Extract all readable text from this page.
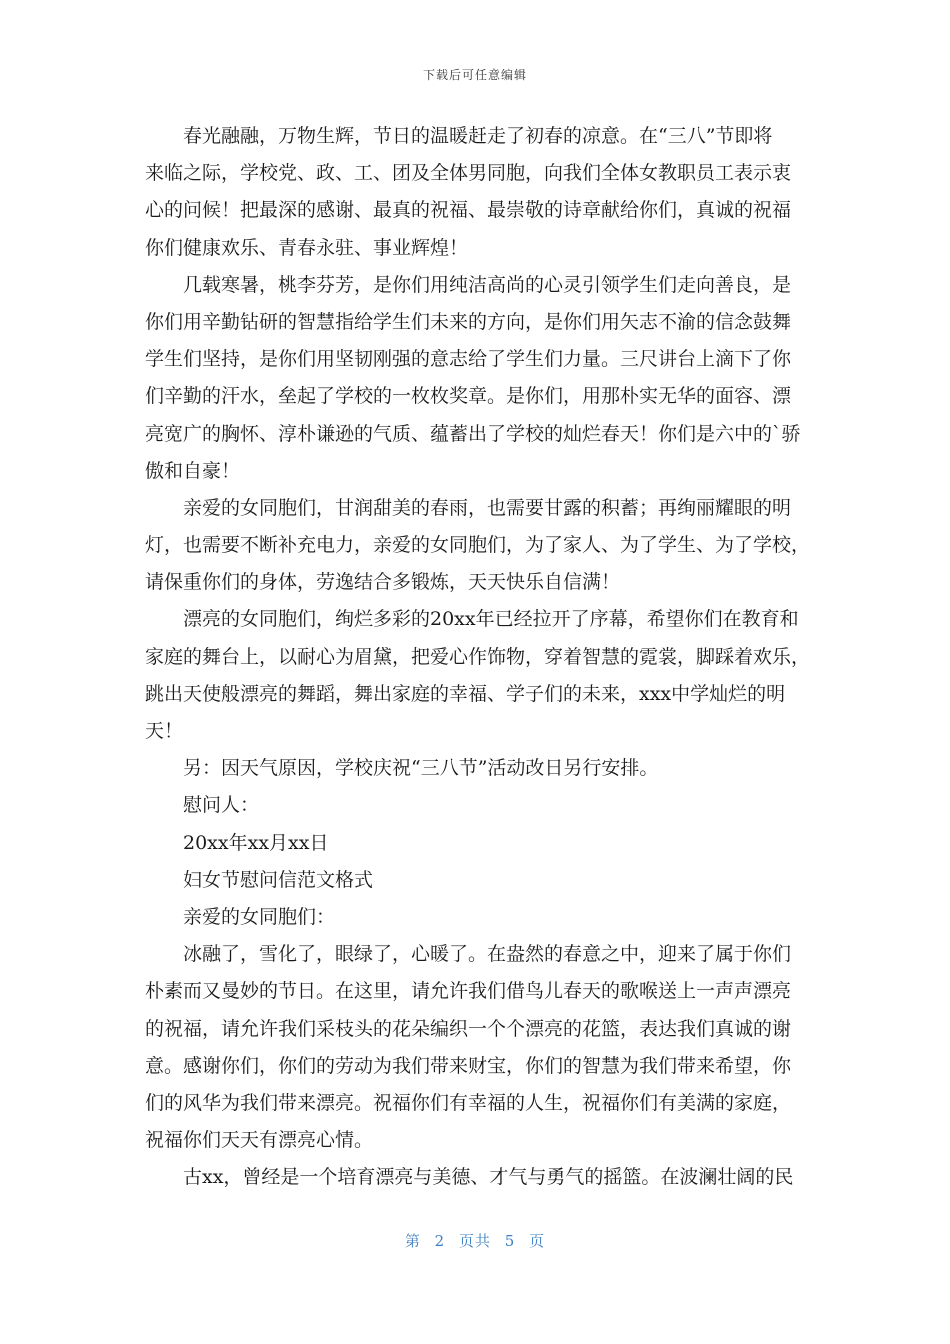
下载后可任意编辑
春光融融，万物生辉，节日的温暖赶走了初春的凉意。在“三八”节即将
来临之际，学校党、政、工、团及全体男同胞，向我们全体女教职员工表示衷
心的问候！把最深的感谢、最真的祝福、最崇敬的诗章献给你们，真诚的祝福
你们健康欢乐、青春永驻、事业辉煌！
几载寒暑，桃李芬芳，是你们用纯洁高尚的心灵引领学生们走向善良，是
你们用辛勤钻研的智慧指给学生们未来的方向，是你们用矢志不渝的信念鼓舞
学生们坚持，是你们用坚韧刚强的意志给了学生们力量。三尺讲台上滴下了你
们辛勤的汗水，垒起了学校的一枚枚奖章。是你们，用那朴实无华的面容、漂
亮宽广的胸怀、淳朴谦逊的气质、蕴蓄出了学校的灿烂春天！你们是六中的`骄
傲和自豪！
亲爱的女同胞们，甘润甜美的春雨，也需要甘露的积蓄；再绚丽耀眼的明
灯，也需要不断补充电力，亲爱的女同胞们，为了家人、为了学生、为了学校，
请保重你们的身体，劳逸结合多锻炼，天天快乐自信满！
漂亮的女同胞们，绚烂多彩的20xx年已经拉开了序幕，希望你们在教育和
家庭的舞台上，以耐心为眉黛，把爱心作饰物，穿着智慧的霓裳，脚踩着欢乐，
跳出天使般漂亮的舞蹈，舞出家庭的幸福、学子们的未来，xxx中学灿烂的明
天！
另：因天气原因，学校庆祝“三八节”活动改日另行安排。
慰问人：
20xx年xx月xx日
妇女节慰问信范文格式
亲爱的女同胞们：
冰融了，雪化了，眼绿了，心暖了。在盎然的春意之中，迎来了属于你们
朴素而又曼妙的节日。在这里，请允许我们借鸟儿春天的歌喉送上一声声漂亮
的祝福，请允许我们采枝头的花朵编织一个个漂亮的花篮，表达我们真诚的谢
意。感谢你们，你们的劳动为我们带来财宝，你们的智慧为我们带来希望，你
们的风华为我们带来漂亮。祝福你们有幸福的人生，祝福你们有美满的家庭，
祝福你们天天有漂亮心情。
古xx，曾经是一个培育漂亮与美德、才气与勇气的摇篮。在波澜壮阔的民
第 2 页共 5 页
